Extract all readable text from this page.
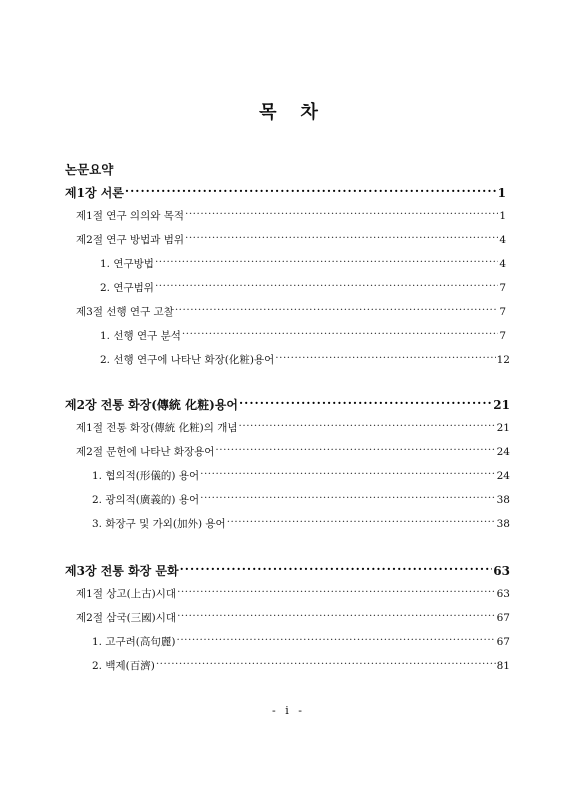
목 차
논문요약
제1장 서론 ·····	1
제1절 연구 의의와 목적 ·····	1
제2절 연구 방법과 범위 ·····	4
1. 연구방법 ·····	4
2. 연구범위 ·····	7
제3절 선행 연구 고찰 ·····	7
1. 선행 연구 분석 ·····	7
2. 선행 연구에 나타난 화장(化粧)용어 ·····	12
제2장 전통 화장(傳統 化粧)용어 ·····	21
제1절 전통 화장(傳統 化粧)의 개념 ·····	21
제2절 문헌에 나타난 화장용어 ·····	24
1. 협의적(形儀的) 용어 ·····	24
2. 광의적(廣義的) 용어 ·····	38
3. 화장구 및 가외(加外) 용어 ·····	38
제3장 전통 화장 문화 ·····	63
제1절 상고(上古)시대 ·····	63
제2절 삼국(三國)시대 ·····	67
1. 고구려(高句麗) ·····	67
2. 백제(百濟) ·····	81
- i -
